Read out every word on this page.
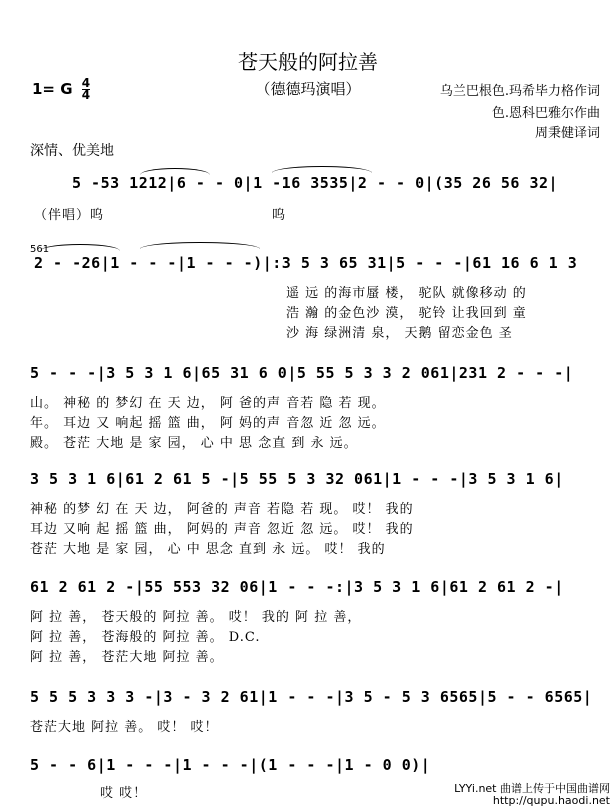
苍天般的阿拉善
（德德玛演唱）
1= G $\frac{4}{4}$	乌兰巴根色.玛希毕力格作词
色.恩科巴雅尔作曲
周秉健译词
深情、优美地
5 -53 1212|6 - - 0|1 -16 3535|2 - - 0|(35 26 56 32|
（伴唱）呜	呜
561
2 - -26|1 - - -|1 - - -)|:3 5 3 65 31|5 - - -|61 16 6 1 3
遥 远 的海市蜃 楼， 驼队 就像移动 的
浩 瀚 的金色沙 漠， 驼铃 让我回到 童
沙 海 绿洲清 泉， 天鹅 留恋金色 圣
5 - - -|3 5 3 1 6|65 31 6 0|5 55 5 3 3 2 061|231 2 - - -|
山。 神秘 的 梦幻 在 天 边， 阿 爸的声 音若 隐 若 现。
年。 耳边 又 响起 摇 篮 曲， 阿 妈的声 音忽 近 忽 远。
殿。 苍茫 大地 是 家 园， 心 中 思 念直 到 永 远。
3 5 3 1 6|61 2 61 5 -|5 55 5 3 32 061|1 - - -|3 5 3 1 6|
神秘 的梦 幻 在 天 边， 阿爸的 声音 若隐 若 现。 哎！ 我的
耳边 又响 起 摇 篮 曲， 阿妈的 声音 忽近 忽 远。 哎！ 我的
苍茫 大地 是 家 园， 心 中 思念 直到 永 远。 哎！ 我的
61 2 61 2 -|55 553 32 06|1 - - -:|3 5 3 1 6|61 2 61 2 -|
阿 拉 善， 苍天般的 阿拉 善。 哎！ 我的 阿 拉 善，
阿 拉 善， 苍海般的 阿拉 善。 D.C.
阿 拉 善， 苍茫大地 阿拉 善。
5 5 5 3 3 3 -|3 - 3 2 61|1 - - -|3 5 - 5 3 6565|5 - - 6565|
苍茫大地 阿拉 善。 哎！ 哎！
5 - - 6|1 - - -|1 - - -|(1 - - -|1 - 0 0)|
哎 哎！	LYYi.net 曲谱上传于中国曲谱网
http://qupu.haodi.net
